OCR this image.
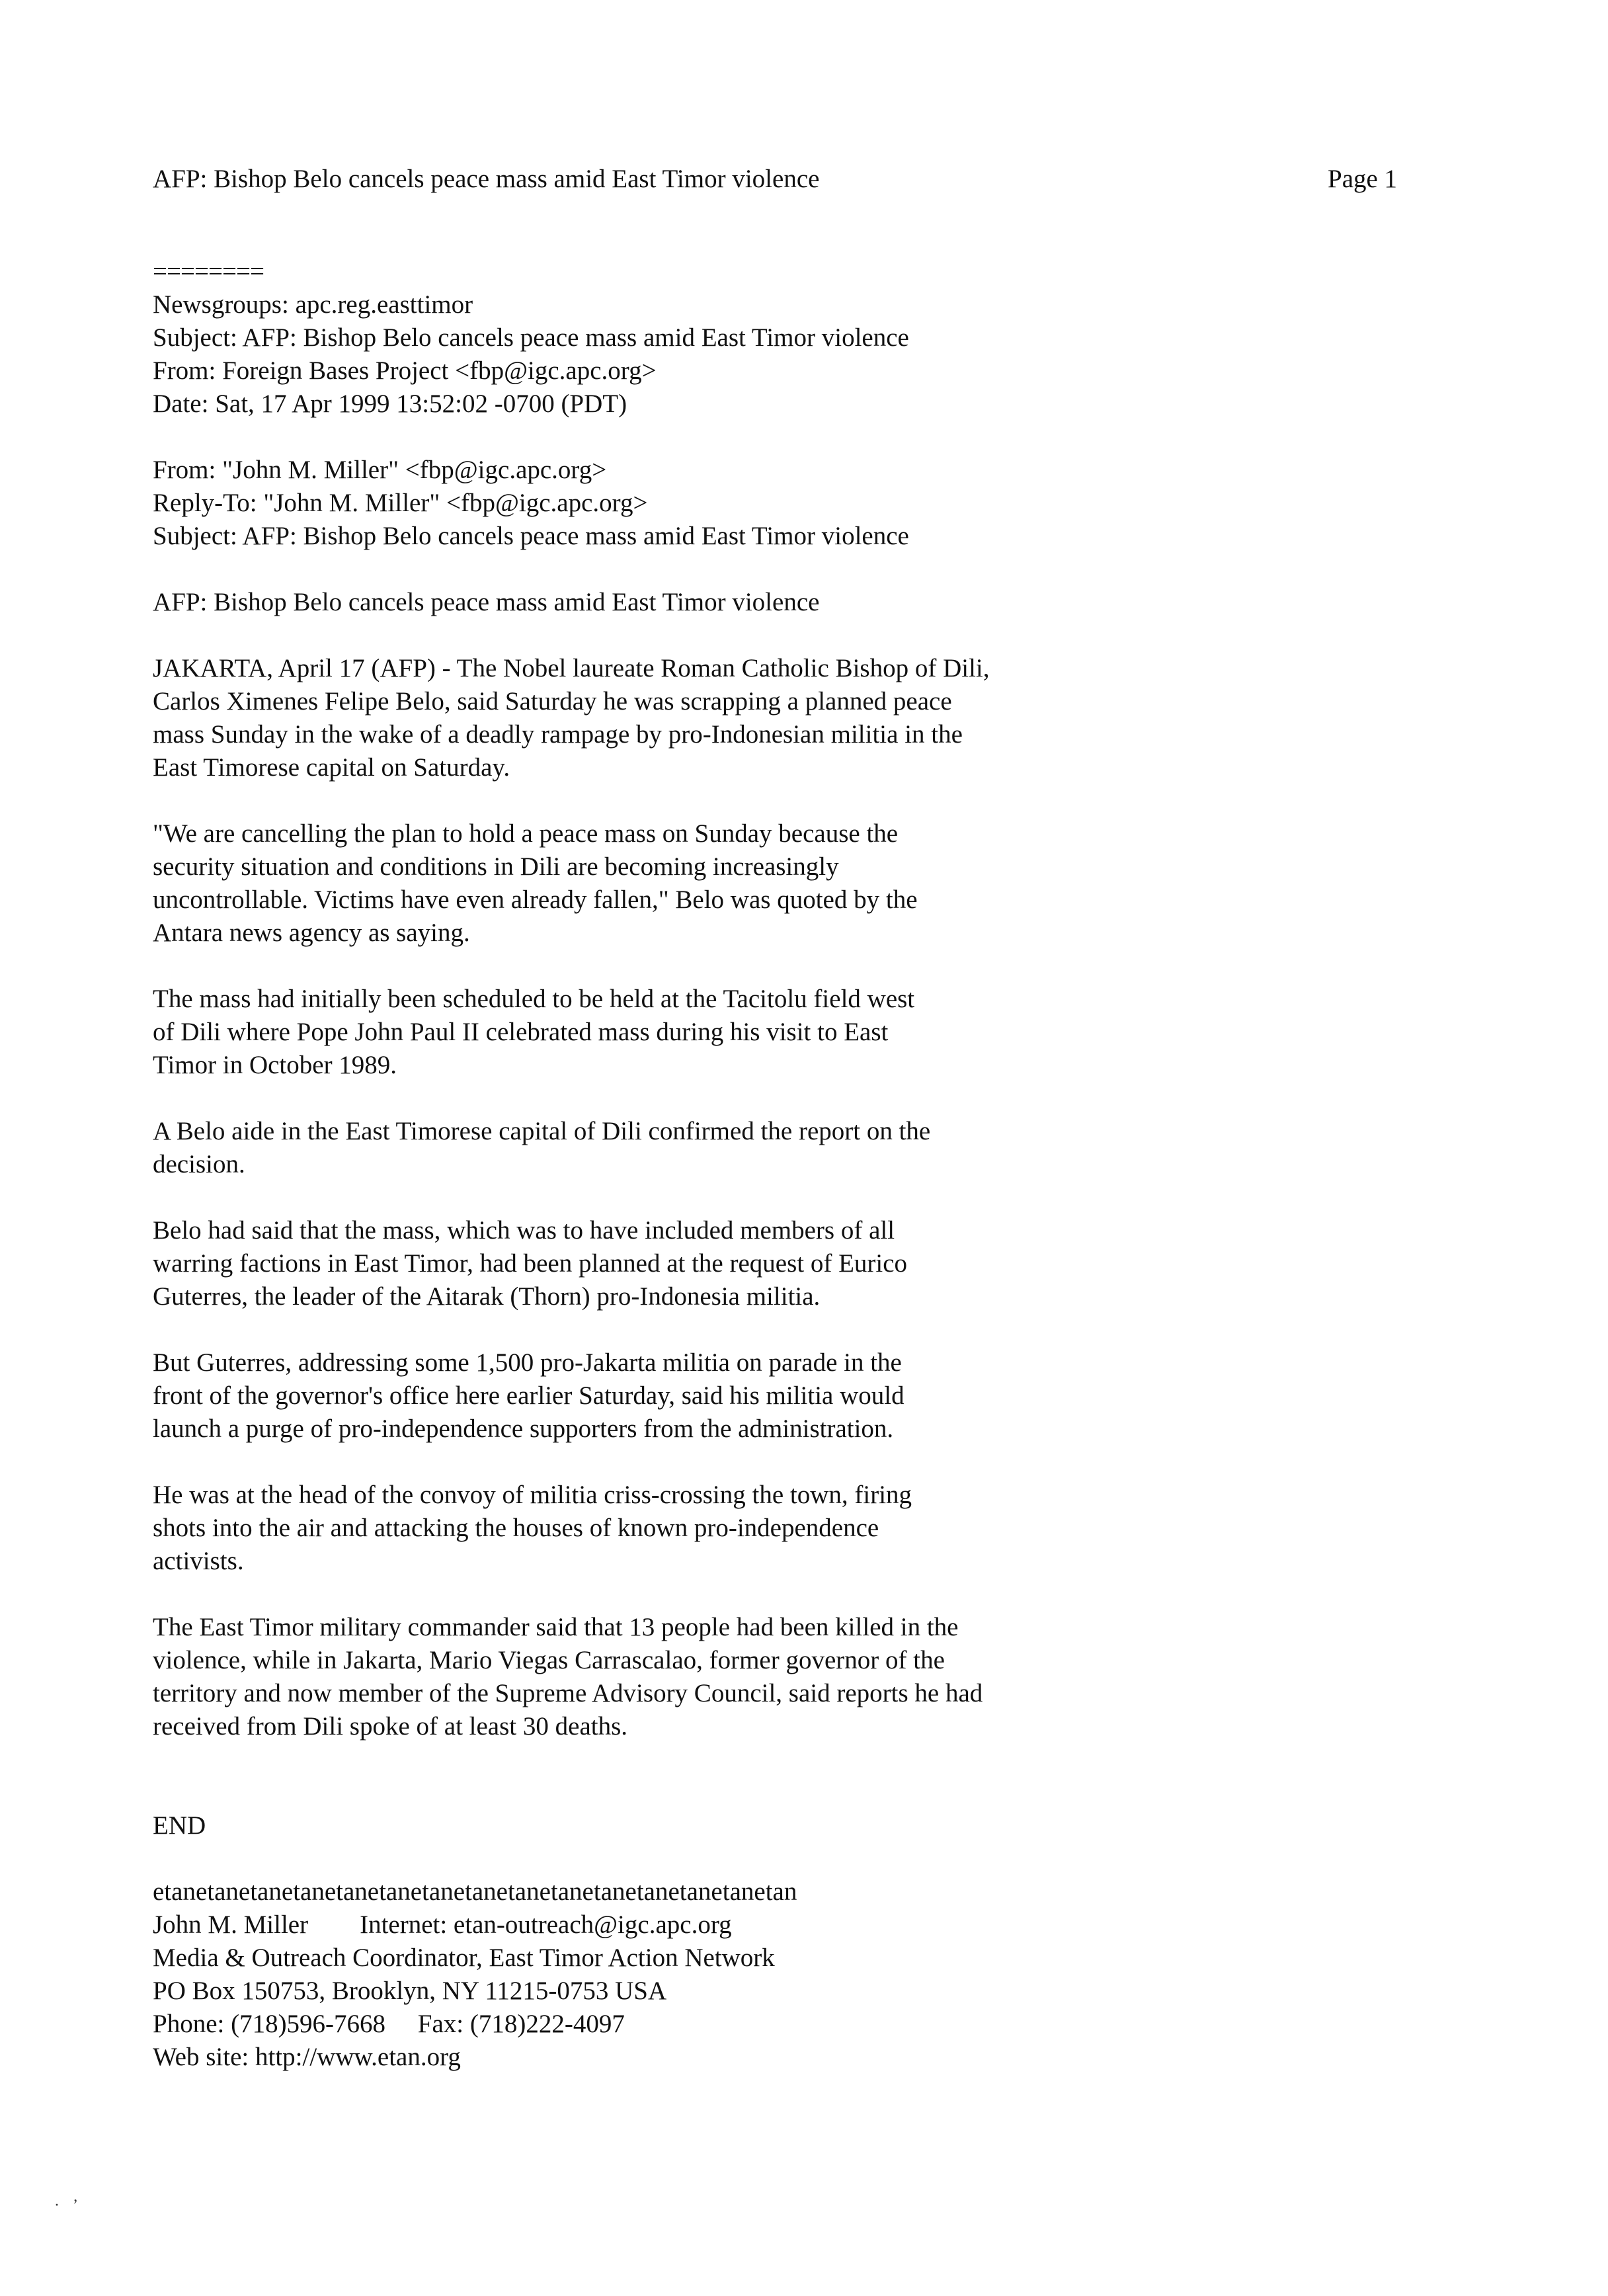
AFP: Bishop Belo cancels peace mass amid East Timor violence	Page 1
========
Newsgroups: apc.reg.easttimor
Subject: AFP: Bishop Belo cancels peace mass amid East Timor violence
From: Foreign Bases Project <fbp@igc.apc.org>
Date: Sat, 17 Apr 1999 13:52:02 -0700 (PDT)
From: "John M. Miller" <fbp@igc.apc.org>
Reply-To: "John M. Miller" <fbp@igc.apc.org>
Subject: AFP: Bishop Belo cancels peace mass amid East Timor violence
AFP: Bishop Belo cancels peace mass amid East Timor violence
JAKARTA, April 17 (AFP) - The Nobel laureate Roman Catholic Bishop of Dili,
Carlos Ximenes Felipe Belo, said Saturday he was scrapping a planned peace
mass Sunday in the wake of a deadly rampage by pro-Indonesian militia in the
East Timorese capital on Saturday.
"We are cancelling the plan to hold a peace mass on Sunday because the
security situation and conditions in Dili are becoming increasingly
uncontrollable. Victims have even already fallen," Belo was quoted by the
Antara news agency as saying.
The mass had initially been scheduled to be held at the Tacitolu field west
of Dili where Pope John Paul II celebrated mass during his visit to East
Timor in October 1989.
A Belo aide in the East Timorese capital of Dili confirmed the report on the
decision.
Belo had said that the mass, which was to have included members of all
warring factions in East Timor, had been planned at the request of Eurico
Guterres, the leader of the Aitarak (Thorn) pro-Indonesia militia.
But Guterres, addressing some 1,500 pro-Jakarta militia on parade in the
front of the governor's office here earlier Saturday, said his militia would
launch a purge of pro-independence supporters from the administration.
He was at the head of the convoy of militia criss-crossing the town, firing
shots into the air and attacking the houses of known pro-independence
activists.
The East Timor military commander said that 13 people had been killed in the
violence, while in Jakarta, Mario Viegas Carrascalao, former governor of the
territory and now member of the Supreme Advisory Council, said reports he had
received from Dili spoke of at least 30 deaths.
END
etanetanetanetanetanetanetanetanetanetanetanetanetanetanetan
John M. Miller        Internet: etan-outreach@igc.apc.org
Media & Outreach Coordinator, East Timor Action Network
PO Box 150753, Brooklyn, NY 11215-0753 USA
Phone: (718)596-7668     Fax: (718)222-4097
Web site: http://www.etan.org
·’
